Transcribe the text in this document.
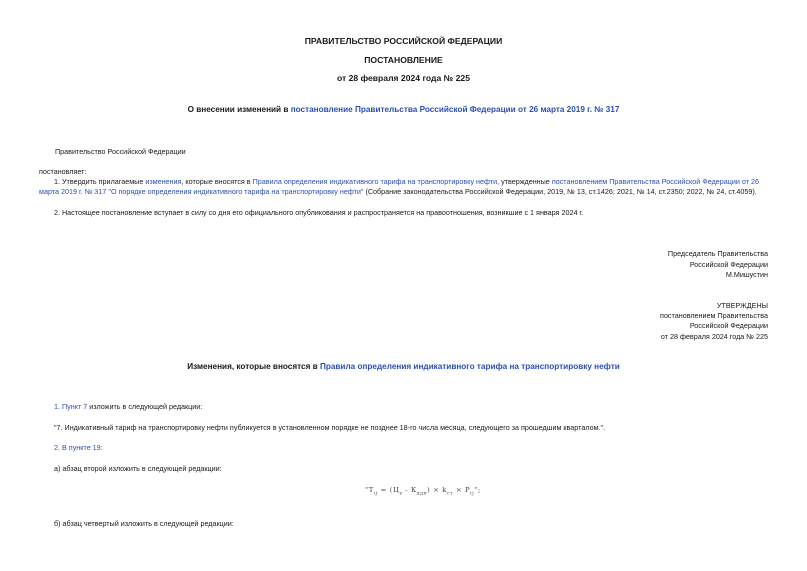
ПРАВИТЕЛЬСТВО РОССИЙСКОЙ ФЕДЕРАЦИИ
ПОСТАНОВЛЕНИЕ
от 28 февраля 2024 года № 225
О внесении изменений в постановление Правительства Российской Федерации от 26 марта 2019 г. № 317
Правительство Российской Федерации
постановляет:
1. Утвердить прилагаемые изменения, которые вносятся в Правила определения индикативного тарифа на транспортировку нефти, утвержденные постановлением Правительства Российской Федерации от 26 марта 2019 г. № 317 "О порядке определения индикативного тарифа на транспортировку нефти" (Собрание законодательства Российской Федерации, 2019, № 13, ст.1426; 2021, № 14, ст.2350; 2022, № 24, ст.4059).
2. Настоящее постановление вступает в силу со дня его официального опубликования и распространяется на правоотношения, возникшие с 1 января 2024 г.
Председатель Правительства
Российской Федерации
М.Мишустин
УТВЕРЖДЕНЫ
постановлением Правительства
Российской Федерации
от 28 февраля 2024 года № 225
Изменения, которые вносятся в Правила определения индикативного тарифа на транспортировку нефти
1. Пункт 7 изложить в следующей редакции:
"7. Индикативный тариф на транспортировку нефти публикуется в установленном порядке не позднее 18-го числа месяца, следующего за прошедшим кварталом.".
2. В пункте 19:
а) абзац второй изложить в следующей редакции:
"$Т_{ij} = (Ц_z - К_{ддп}) \times k_{ст} \times Р_{ij}$";
б) абзац четвертый изложить в следующей редакции:
